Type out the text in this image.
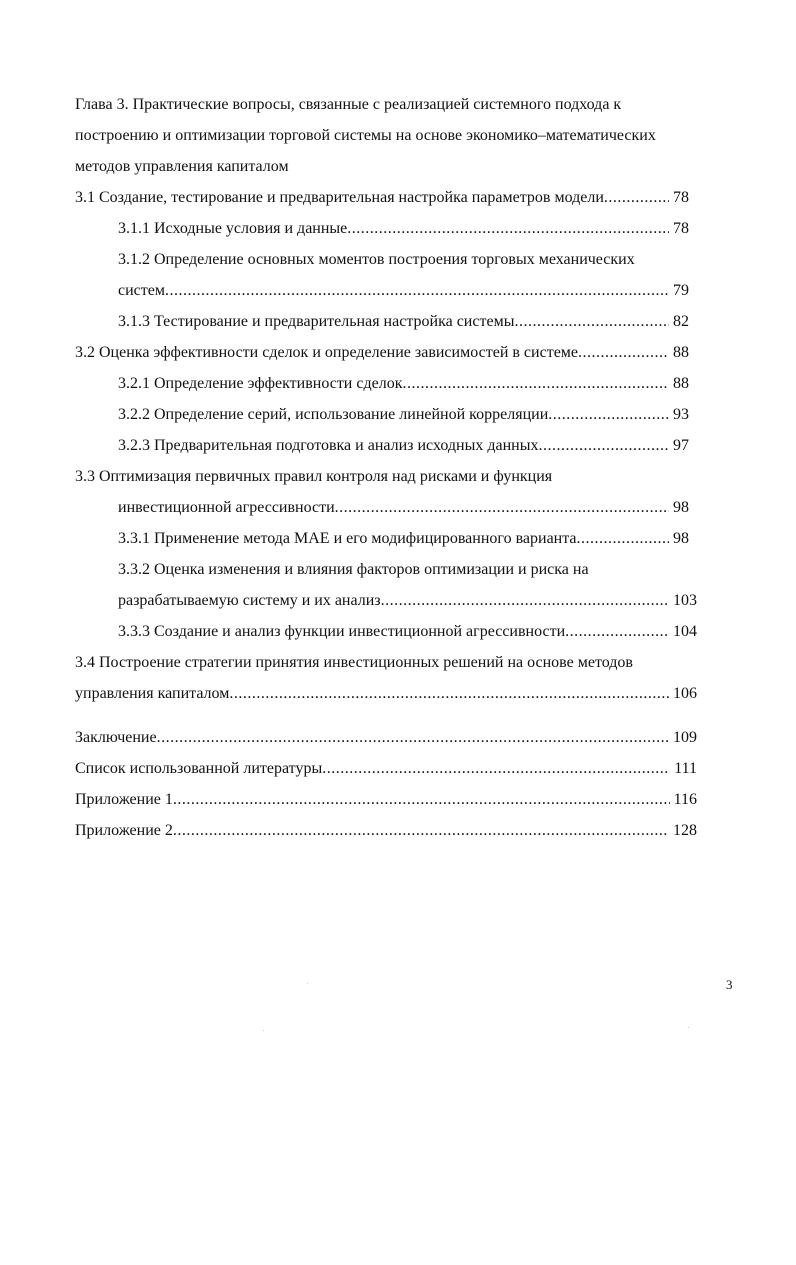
Глава 3. Практические вопросы, связанные с реализацией системного подхода к
построению и оптимизации торговой системы на основе экономико–математических
методов управления капиталом
3.1 Создание, тестирование и предварительная настройка параметров модели .....	78
3.1.1 Исходные условия и данные .....	78
3.1.2 Определение основных моментов построения торговых механических
систем .....	79
3.1.3 Тестирование и предварительная настройка системы .....	82
3.2 Оценка эффективности сделок и определение зависимостей в системе .....	88
3.2.1 Определение эффективности сделок .....	88
3.2.2 Определение серий, использование линейной корреляции .....	93
3.2.3 Предварительная подготовка и анализ исходных данных .....	97
3.3 Оптимизация первичных правил контроля над рисками и функция
инвестиционной агрессивности .....	98
3.3.1 Применение метода МАЕ и его модифицированного варианта .....	98
3.3.2 Оценка изменения и влияния факторов оптимизации и риска на
разрабатываемую систему и их анализ .....	103
3.3.3 Создание и анализ функции инвестиционной агрессивности .....	104
3.4 Построение стратегии принятия инвестиционных решений на основе методов
управления капиталом .....	106
Заключение .....	109
Список использованной литературы .....	111
Приложение 1 .....	116
Приложение 2 .....	128
3
